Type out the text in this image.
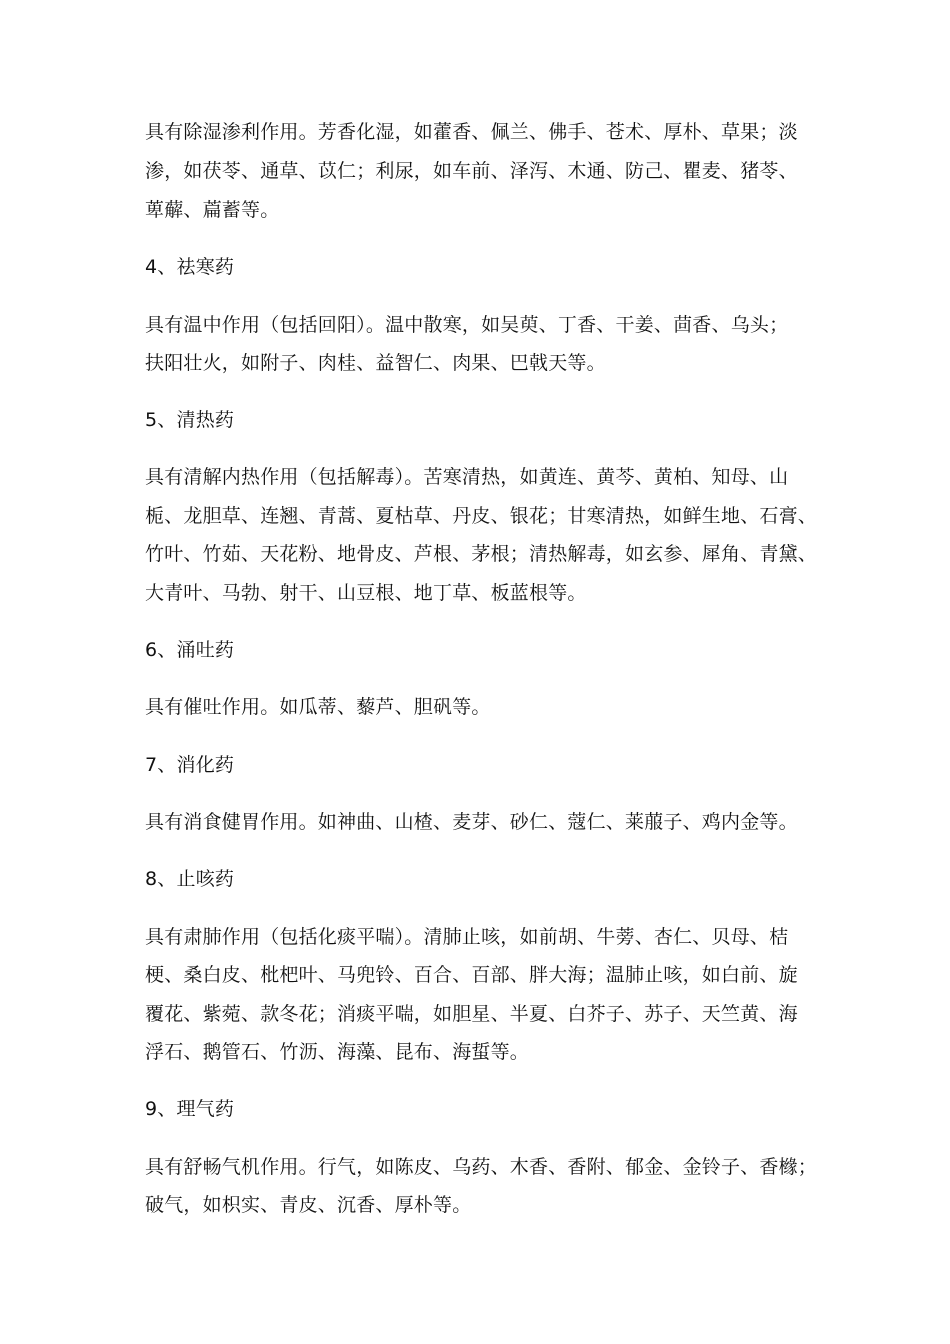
具有除湿渗利作用。芳香化湿，如藿香、佩兰、佛手、苍术、厚朴、草果；淡
渗，如茯苓、通草、苡仁；利尿，如车前、泽泻、木通、防己、瞿麦、猪苓、
萆薢、萹蓄等。
4、祛寒药
具有温中作用（包括回阳）。温中散寒，如吴萸、丁香、干姜、茴香、乌头；
扶阳壮火，如附子、肉桂、益智仁、肉果、巴戟天等。
5、清热药
具有清解内热作用（包括解毒）。苦寒清热，如黄连、黄芩、黄柏、知母、山
栀、龙胆草、连翘、青蒿、夏枯草、丹皮、银花；甘寒清热，如鲜生地、石膏、
竹叶、竹茹、天花粉、地骨皮、芦根、茅根；清热解毒，如玄参、犀角、青黛、
大青叶、马勃、射干、山豆根、地丁草、板蓝根等。
6、涌吐药
具有催吐作用。如瓜蒂、藜芦、胆矾等。
7、消化药
具有消食健胃作用。如神曲、山楂、麦芽、砂仁、蔻仁、莱菔子、鸡内金等。
8、止咳药
具有肃肺作用（包括化痰平喘）。清肺止咳，如前胡、牛蒡、杏仁、贝母、桔
梗、桑白皮、枇杷叶、马兜铃、百合、百部、胖大海；温肺止咳，如白前、旋
覆花、紫菀、款冬花；消痰平喘，如胆星、半夏、白芥子、苏子、天竺黄、海
浮石、鹅管石、竹沥、海藻、昆布、海蜇等。
9、理气药
具有舒畅气机作用。行气，如陈皮、乌药、木香、香附、郁金、金铃子、香橼；
破气，如枳实、青皮、沉香、厚朴等。
